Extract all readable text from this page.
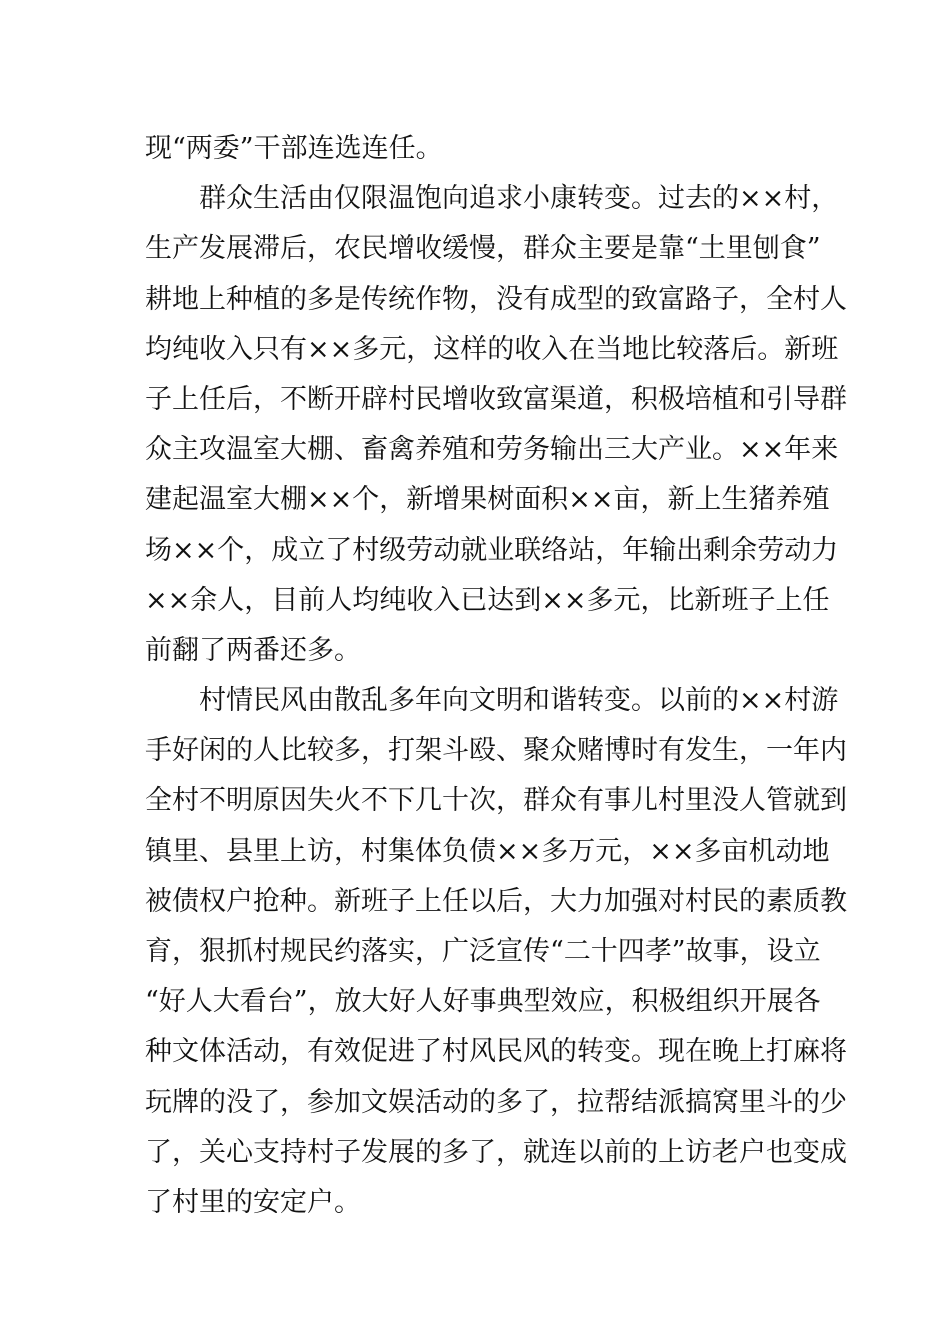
现“两委”干部连选连任。
群众生活由仅限温饱向追求小康转变。过去的××村，
生产发展滞后，农民增收缓慢，群众主要是靠“土里刨食”
耕地上种植的多是传统作物，没有成型的致富路子，全村人
均纯收入只有××多元，这样的收入在当地比较落后。新班
子上任后，不断开辟村民增收致富渠道，积极培植和引导群
众主攻温室大棚、畜禽养殖和劳务输出三大产业。××年来
建起温室大棚××个，新增果树面积××亩，新上生猪养殖
场××个，成立了村级劳动就业联络站，年输出剩余劳动力
××余人，目前人均纯收入已达到××多元，比新班子上任
前翻了两番还多。
村情民风由散乱多年向文明和谐转变。以前的××村游
手好闲的人比较多，打架斗殴、聚众赌博时有发生，一年内
全村不明原因失火不下几十次，群众有事儿村里没人管就到
镇里、县里上访，村集体负债××多万元，××多亩机动地
被债权户抢种。新班子上任以后，大力加强对村民的素质教
育，狠抓村规民约落实，广泛宣传“二十四孝”故事，设立
“好人大看台”，放大好人好事典型效应，积极组织开展各
种文体活动，有效促进了村风民风的转变。现在晚上打麻将
玩牌的没了，参加文娱活动的多了，拉帮结派搞窝里斗的少
了，关心支持村子发展的多了，就连以前的上访老户也变成
了村里的安定户。
